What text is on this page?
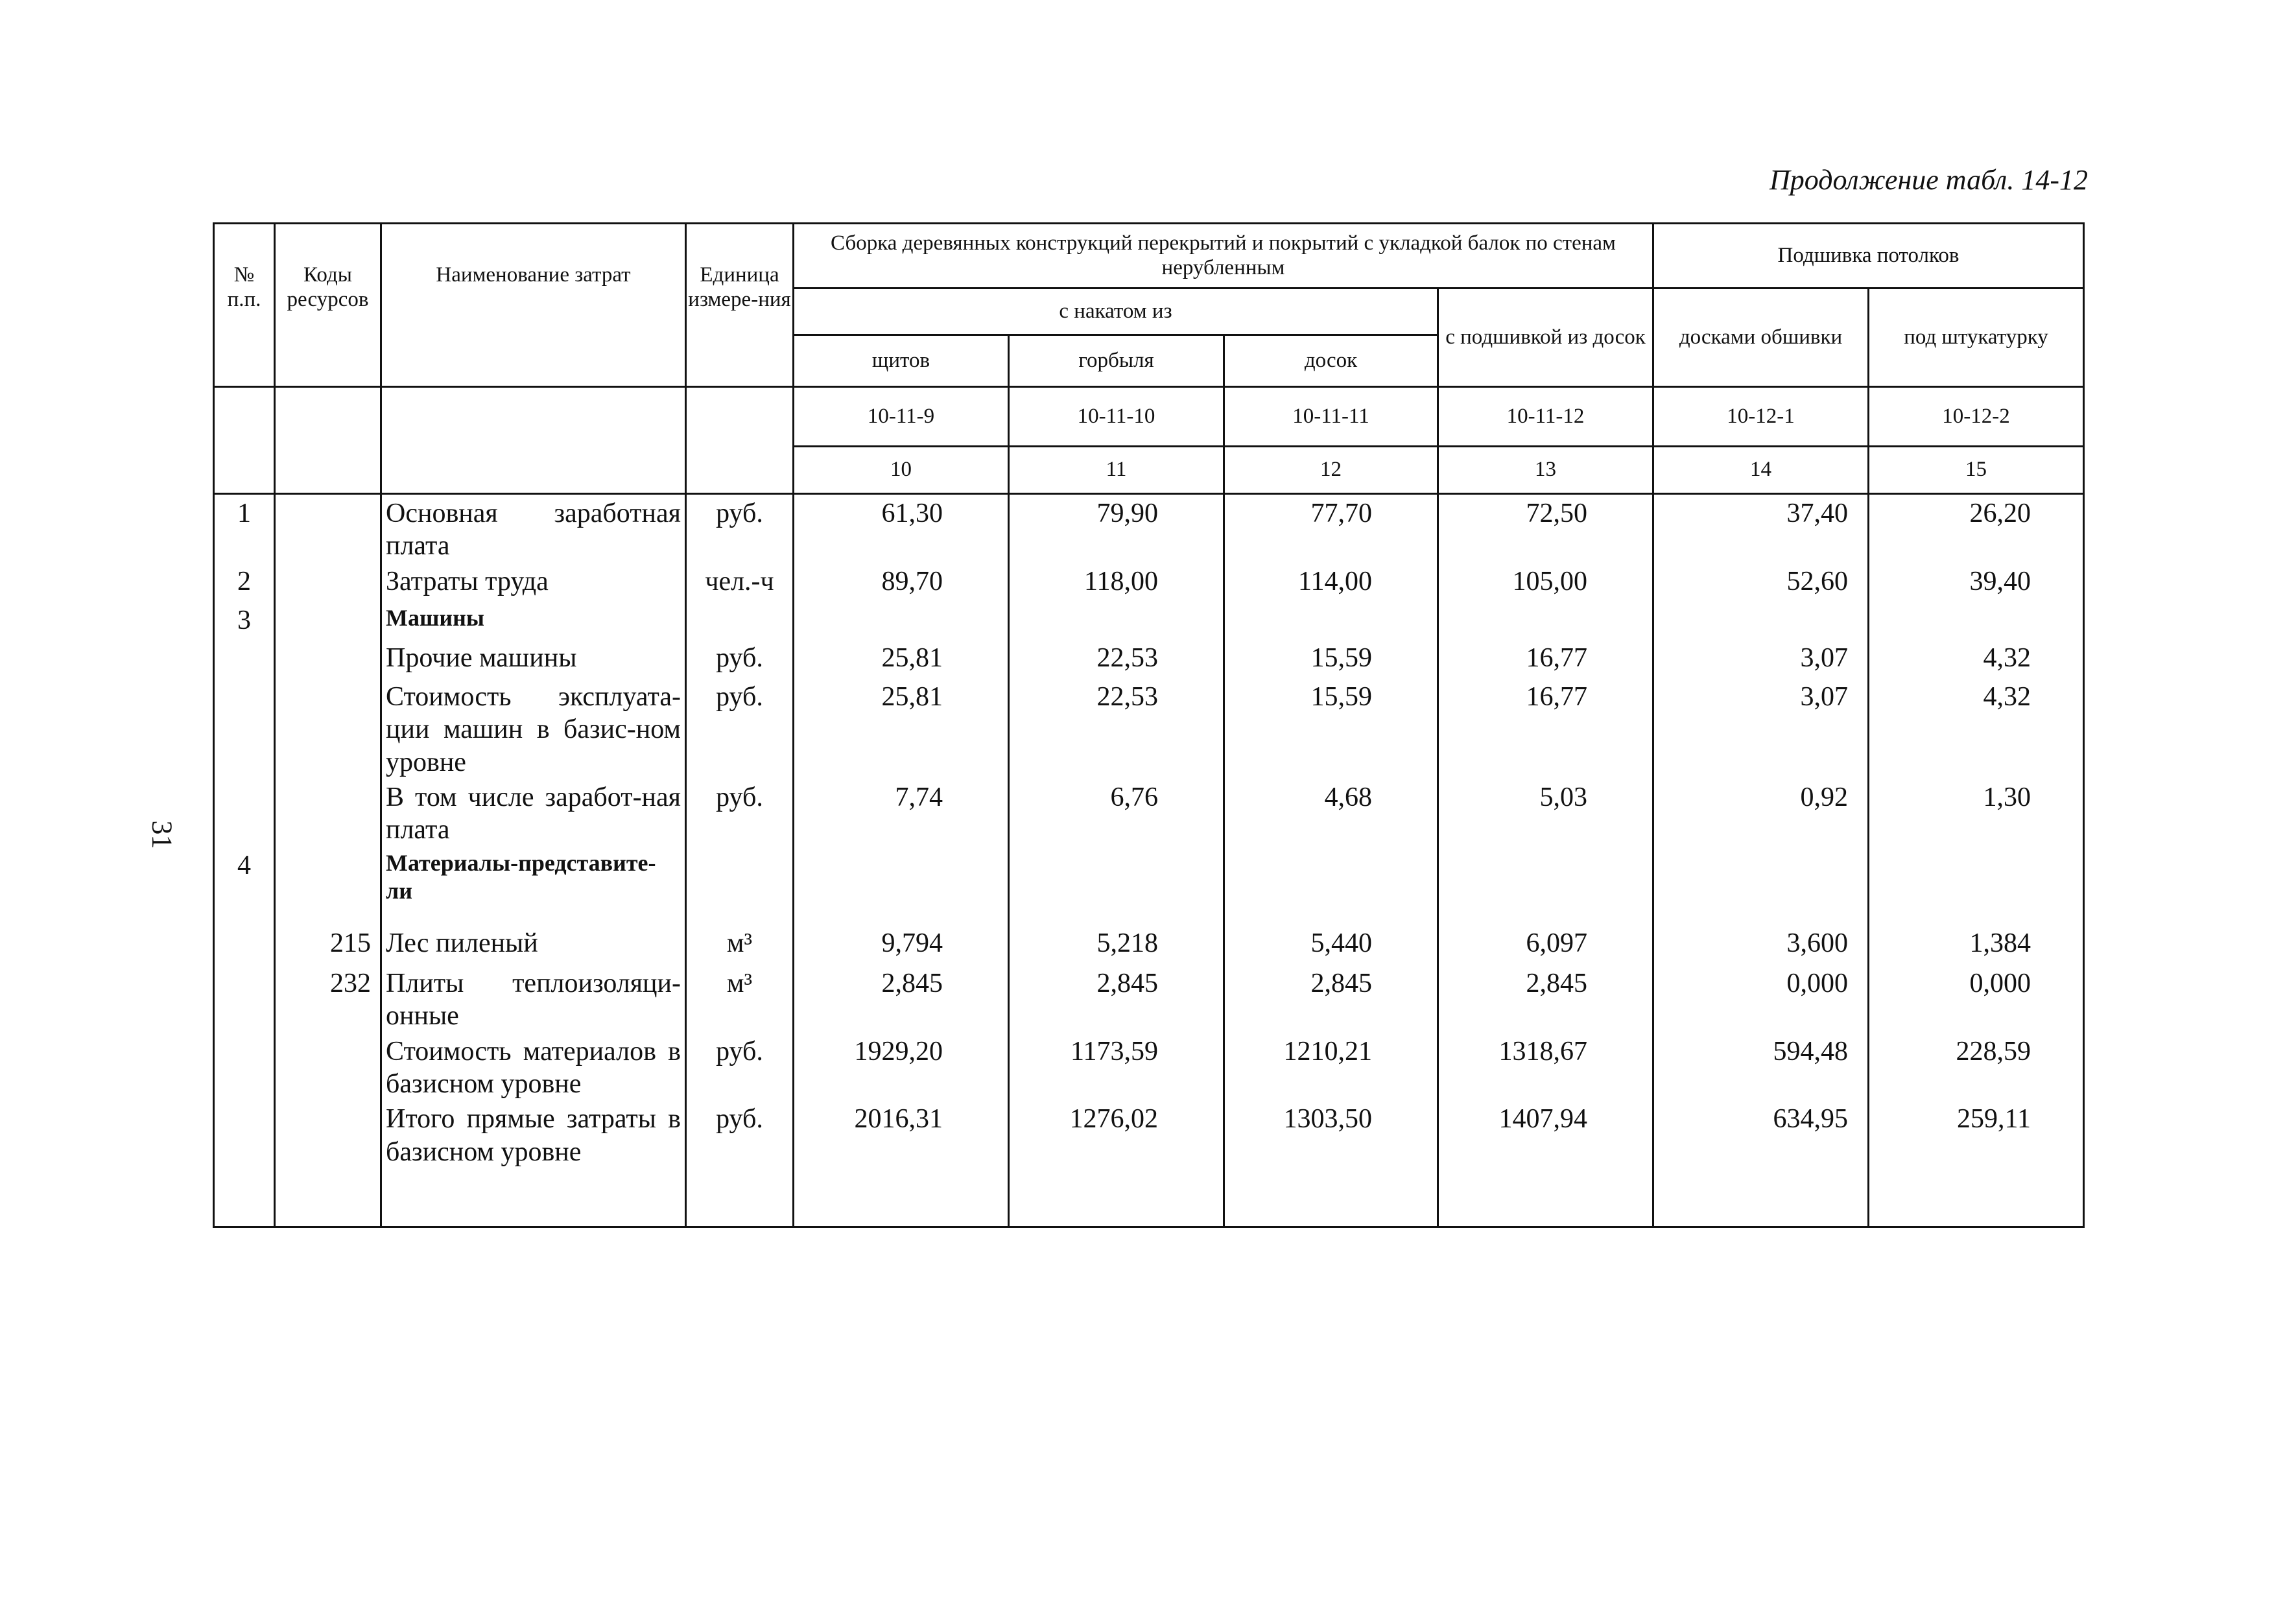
Продолжение табл. 14-12
31
№ п.п.	Коды ресурсов	Наименование затрат	Единица измере-ния	Сборка деревянных конструкций перекрытий и покрытий с укладкой балок по стенам нерубленным				Подшивка потолков	
				с накатом из			с подшивкой из досок	досками обшивки	под штукатурку
				щитов	горбыля	досок			
				10-11-9	10-11-10	10-11-11	10-11-12	10-12-1	10-12-2
				10	11	12	13	14	15
1		Основная заработная плата	руб.	61,30	79,90	77,70	72,50	37,40	26,20
2		Затраты труда	чел.-ч	89,70	118,00	114,00	105,00	52,60	39,40
3		Машины							
		Прочие машины	руб.	25,81	22,53	15,59	16,77	3,07	4,32
		Стоимость эксплуата-ции машин в базис-ном уровне	руб.	25,81	22,53	15,59	16,77	3,07	4,32
		В том числе заработ-ная плата	руб.	7,74	6,76	4,68	5,03	0,92	1,30
4		Материалы-представите-ли							
	215	Лес пиленый	м³	9,794	5,218	5,440	6,097	3,600	1,384
	232	Плиты теплоизоляци-онные	м³	2,845	2,845	2,845	2,845	0,000	0,000
		Стоимость материалов в базисном уровне	руб.	1929,20	1173,59	1210,21	1318,67	594,48	228,59
		Итого прямые затраты в базисном уровне	руб.	2016,31	1276,02	1303,50	1407,94	634,95	259,11
